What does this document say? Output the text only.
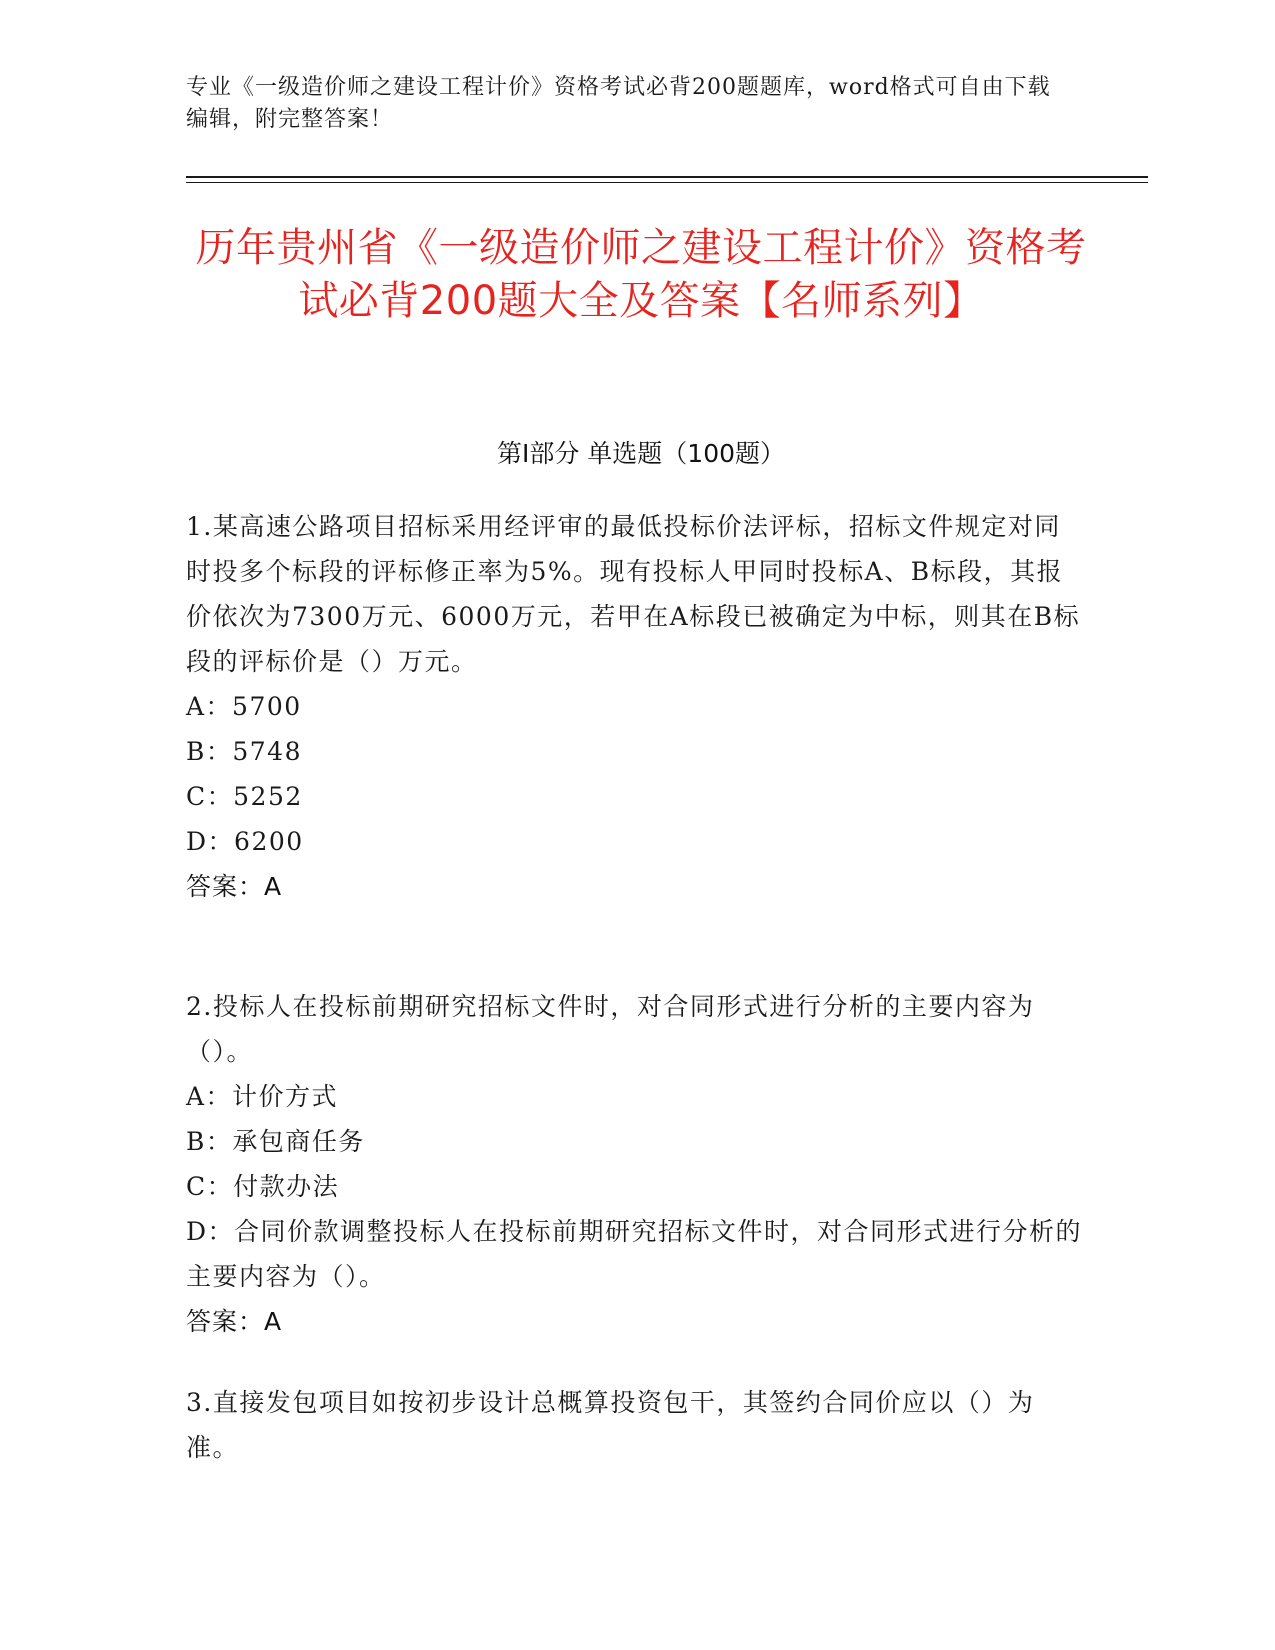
专业《一级造价师之建设工程计价》资格考试必背200题题库，word格式可自由下载编辑，附完整答案！
历年贵州省《一级造价师之建设工程计价》资格考试必背200题大全及答案【名师系列】
第I部分 单选题（100题）
1.某高速公路项目招标采用经评审的最低投标价法评标，招标文件规定对同时投多个标段的评标修正率为5%。现有投标人甲同时投标A、B标段，其报价依次为7300万元、6000万元，若甲在A标段已被确定为中标，则其在B标段的评标价是（）万元。
A：5700
B：5748
C：5252
D：6200
答案：A
2.投标人在投标前期研究招标文件时，对合同形式进行分析的主要内容为（）。
A：计价方式
B：承包商任务
C：付款办法
D：合同价款调整投标人在投标前期研究招标文件时，对合同形式进行分析的主要内容为（）。
答案：A
3.直接发包项目如按初步设计总概算投资包干，其签约合同价应以（）为准。
